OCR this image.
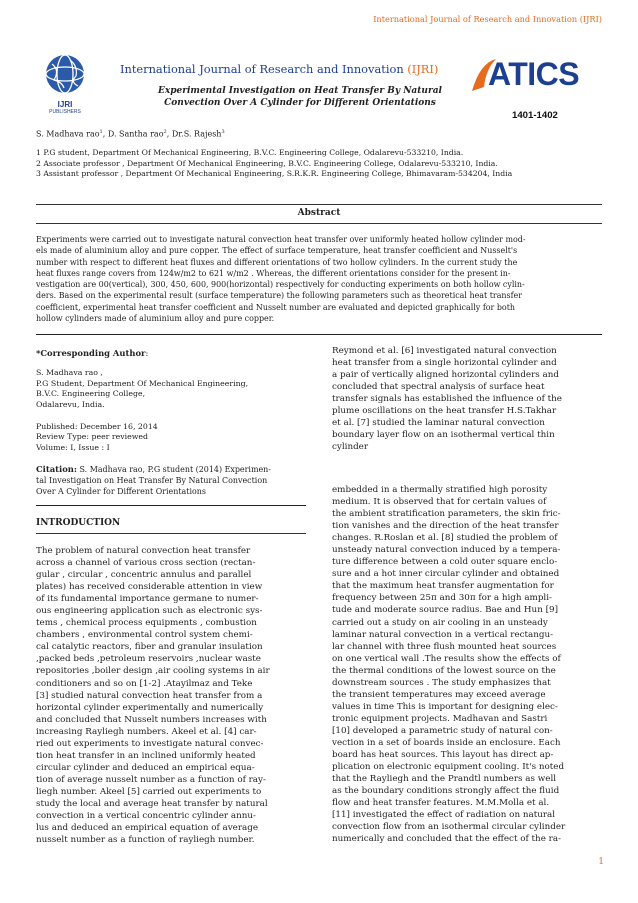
International Journal of Research and Innovation (IJRI)
IJRI
PUBLISHERS
International Journal of Research and Innovation (IJRI) ATICS
Experimental Investigation on Heat Transfer By Natural
Convection Over A Cylinder for Different Orientations
1401-1402
S. Madhava rao$^1$, D. Santha rao$^2$, Dr.S. Rajesh$^3$
1 P.G student, Department Of Mechanical Engineering, B.V.C. Engineering College, Odalarevu-533210, India.
2 Associate professor , Department Of Mechanical Engineering, B.V.C. Engineering College, Odalarevu-533210, India.
3 Assistant professor , Department Of Mechanical Engineering, S.R.K.R. Engineering College, Bhimavaram-534204, India
Abstract
Experiments were carried out to investigate natural convection heat transfer over uniformly heated hollow cylinder mod-
els made of aluminium alloy and pure copper. The effect of surface temperature, heat transfer coefficient and Nusselt's
number with respect to different heat fluxes and different orientations of two hollow cylinders. In the current study the
heat fluxes range covers from 124w/m2 to 621 w/m2 . Whereas, the different orientations consider for the present in-
vestigation are 00(vertical), 300, 450, 600, 900(horizontal) respectively for conducting experiments on both hollow cylin-
ders. Based on the experimental result (surface temperature) the following parameters such as theoretical heat transfer
coefficient, experimental heat transfer coefficient and Nusselt number are evaluated and depicted graphically for both
hollow cylinders made of aluminium alloy and pure copper.
*Corresponding Author:
S. Madhava rao ,
P.G Student, Department Of Mechanical Engineering,
B.V.C. Engineering College,
Odalarevu, India.
Published: December 16, 2014
Review Type: peer reviewed
Volume: I, Issue : I
Citation: S. Madhava rao, P.G student (2014) Experimen-
tal Investigation on Heat Transfer By Natural Convection
Over A Cylinder for Different Orientations
INTRODUCTION
The problem of natural convection heat transfer
across a channel of various cross section (rectan-
gular , circular , concentric annulus and parallel
plates) has received considerable attention in view
of its fundamental importance germane to numer-
ous engineering application such as electronic sys-
tems , chemical process equipments , combustion
chambers , environmental control system chemi-
cal catalytic reactors, fiber and granular insulation
,packed beds ,petroleum reservoirs ,nuclear waste
repositories ,boiler design ,air cooling systems in air
conditioners and so on [1-2] .Atayilmaz and Teke
[3] studied natural convection heat transfer from a
horizontal cylinder experimentally and numerically
and concluded that Nusselt numbers increases with
increasing Rayliegh numbers. Akeel et al. [4] car-
ried out experiments to investigate natural convec-
tion heat transfer in an inclined uniformly heated
circular cylinder and deduced an empirical equa-
tion of average nusselt number as a function of ray-
liegh number. Akeel [5] carried out experiments to
study the local and average heat transfer by natural
convection in a vertical concentric cylinder annu-
lus and deduced an empirical equation of average
nusselt number as a function of rayliegh number.
Reymond et al. [6] investigated natural convection
heat transfer from a single horizontal cylinder and
a pair of vertically aligned horizontal cylinders and
concluded that spectral analysis of surface heat
transfer signals has established the influence of the
plume oscillations on the heat transfer H.S.Takhar
et al. [7] studied the laminar natural convection
boundary layer flow on an isothermal vertical thin
cylinder
embedded in a thermally stratified high porosity
medium. It is observed that for certain values of
the ambient stratification parameters, the skin fric-
tion vanishes and the direction of the heat transfer
changes. R.Roslan et al. [8] studied the problem of
unsteady natural convection induced by a tempera-
ture difference between a cold outer square enclo-
sure and a hot inner circular cylinder and obtained
that the maximum heat transfer augmentation for
frequency between 25π and 30π for a high ampli-
tude and moderate source radius. Bae and Hun [9]
carried out a study on air cooling in an unsteady
laminar natural convection in a vertical rectangu-
lar channel with three flush mounted heat sources
on one vertical wall .The results show the effects of
the thermal conditions of the lowest source on the
downstream sources . The study emphasizes that
the transient temperatures may exceed average
values in time This is important for designing elec-
tronic equipment projects. Madhavan and Sastri
[10] developed a parametric study of natural con-
vection in a set of boards inside an enclosure. Each
board has heat sources. This layout has direct ap-
plication on electronic equipment cooling. It's noted
that the Rayliegh and the Prandtl numbers as well
as the boundary conditions strongly affect the fluid
flow and heat transfer features. M.M.Molla et al.
[11] investigated the effect of radiation on natural
convection flow from an isothermal circular cylinder
numerically and concluded that the effect of the ra-
1
